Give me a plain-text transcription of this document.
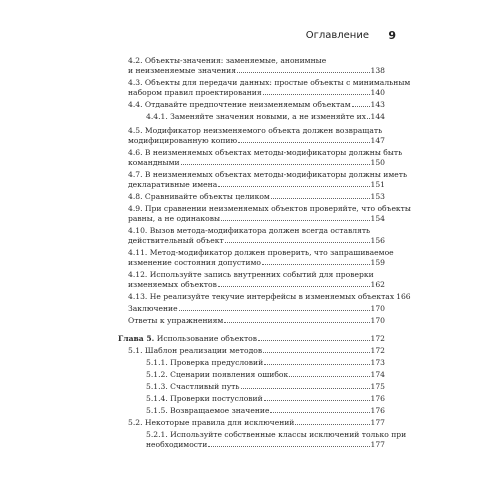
Оглавление 9
4.2. Объекты-значения: заменяемые, анонимные
и неизменяемые значения	138
4.3. Объекты для передачи данных: простые объекты с минимальным
набором правил проектирования	140
4.4. Отдавайте предпочтение неизменяемым объектам	143
4.4.1. Заменяйте значения новыми, а не изменяйте их 144
4.5. Модификатор неизменяемого объекта должен возвращать
модифицированную копию	147
4.6. В неизменяемых объектах методы-модификаторы должны быть
командными	150
4.7. В неизменяемых объектах методы-модификаторы должны иметь
декларативные имена	151
4.8. Сравнивайте объекты целиком	153
4.9. При сравнении неизменяемых объектов проверяйте, что объекты
равны, а не одинаковы	154
4.10. Вызов метода-модификатора должен всегда оставлять
действительный объект	156
4.11. Метод-модификатор должен проверить, что запрашиваемое
изменение состояния допустимо	159
4.12. Используйте запись внутренних событий для проверки
изменяемых объектов	162
4.13. Не реализуйте текучие интерфейсы в изменяемых объектах 166
Заключение	170
Ответы к упражнениям	170
Глава 5. Использование объектов	172
5.1. Шаблон реализации методов	172
5.1.1. Проверка предусловий	173
5.1.2. Сценарии появления ошибок	174
5.1.3. Счастливый путь	175
5.1.4. Проверки постусловий	176
5.1.5. Возвращаемое значение	176
5.2. Некоторые правила для исключений	177
5.2.1. Используйте собственные классы исключений только при
необходимости	177
